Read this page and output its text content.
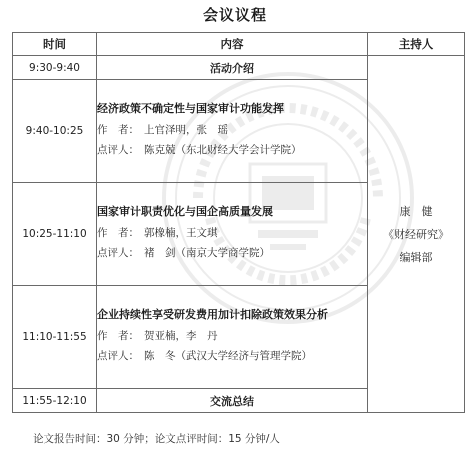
会议议程
时间	内容	主持人
9:30-9:40	活动介绍	康　健
《财经研究》
编辑部

9:40-10:25	经济政策不确定性与国家审计功能发挥
作　者： 上官泽明，张　瑶
点评人： 陈克兢（东北财经大学会计学院）	

10:25-11:10	国家审计职责优化与国企高质量发展
作　者： 郭橡楠，王文琪
点评人： 褚　剑（南京大学商学院）	

11:10-11:55	企业持续性享受研发费用加计扣除政策效果分析
作　者： 贺亚楠，李　丹
点评人： 陈　冬（武汉大学经济与管理学院）	

11:55-12:10	交流总结	
论文报告时间：30 分钟；论文点评时间：15 分钟/人
